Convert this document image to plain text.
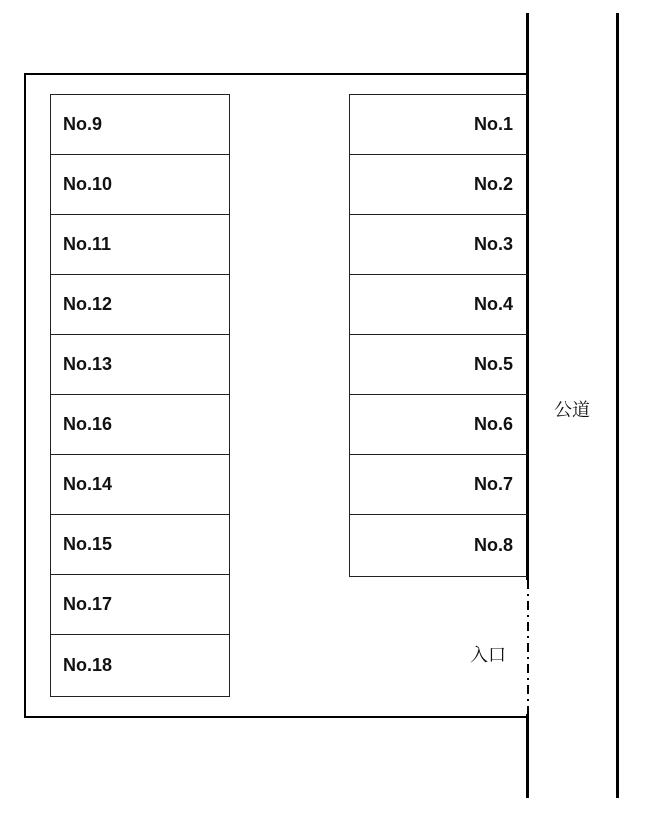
No.9
No.10
No.11
No.12
No.13
No.16
No.14
No.15
No.17
No.18
No.1
No.2
No.3
No.4
No.5
No.6
No.7
No.8
公道
入口
